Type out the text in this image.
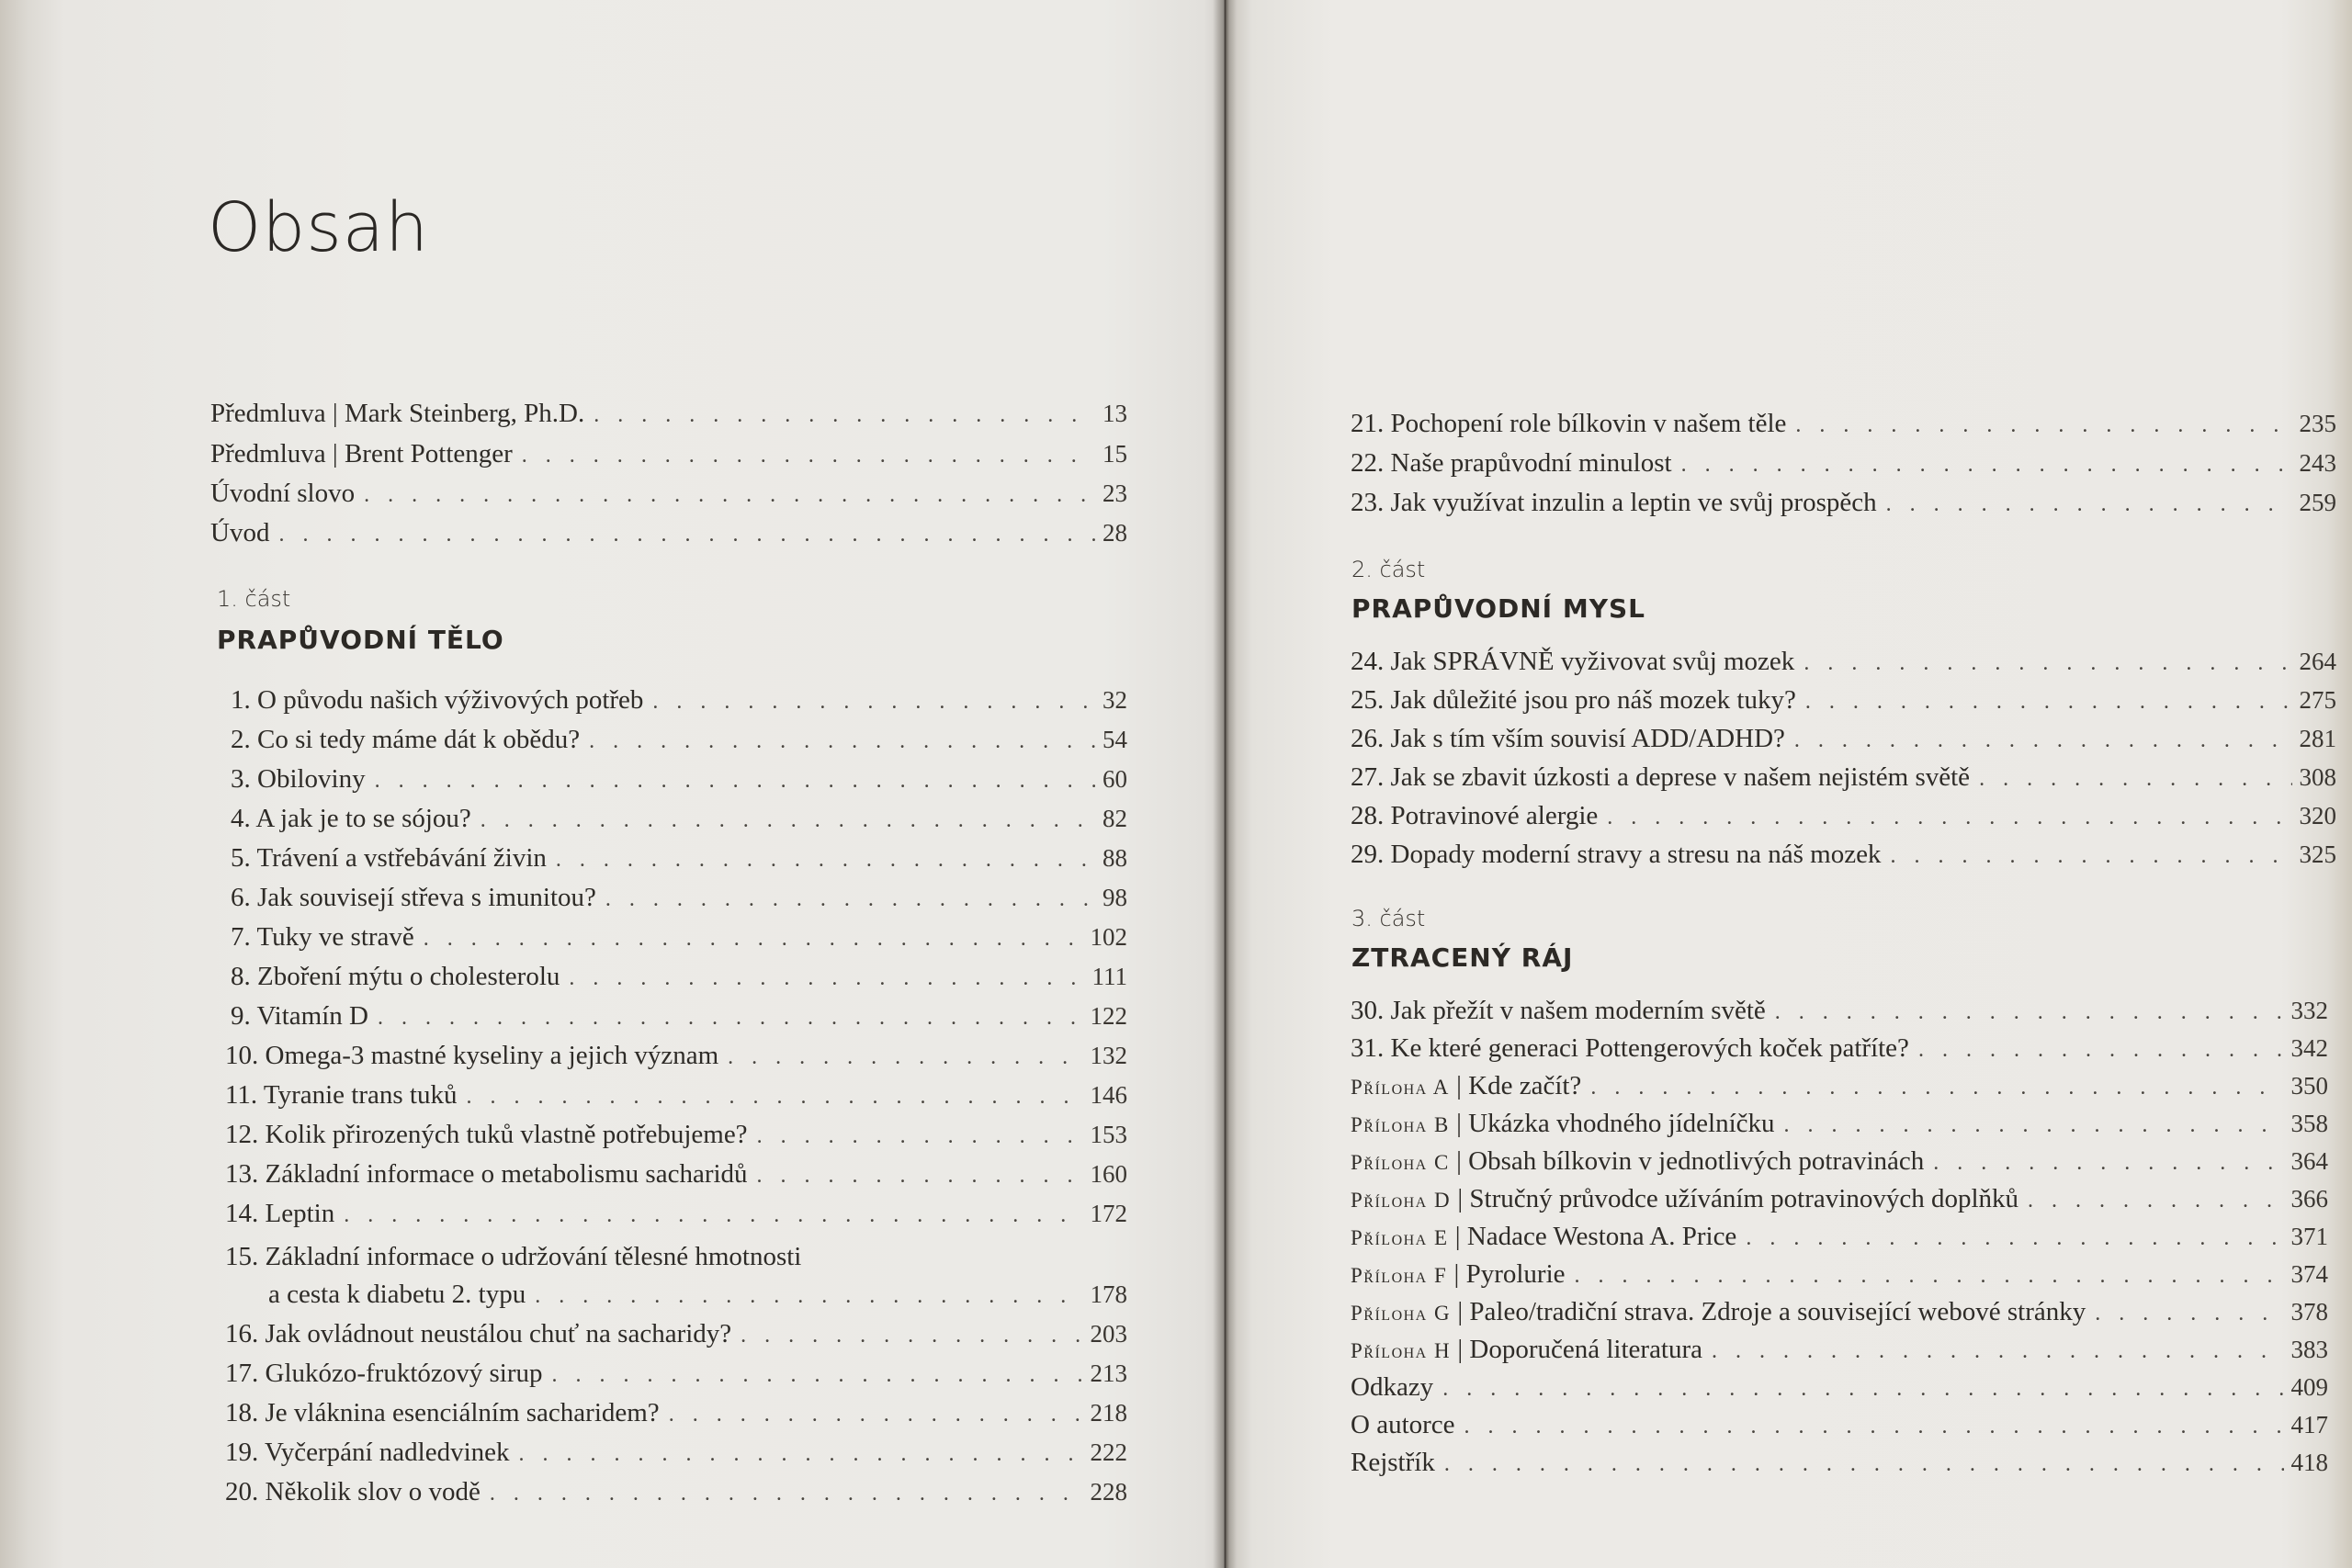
Obsah
Předmluva | Mark Steinberg, Ph.D. . . .	13
Předmluva | Brent Pottenger . . .	15
Úvodní slovo . . .	23
Úvod . . .	28
1. část
PRAPŮVODNÍ TĚLO
1. O původu našich výživových potřeb . . .	32
2. Co si tedy máme dát k obědu? . . .	54
3. Obiloviny . . .	60
4. A jak je to se sójou? . . .	82
5. Trávení a vstřebávání živin . . .	88
6. Jak souvisejí střeva s imunitou? . . .	98
7. Tuky ve stravě . . .	102
8. Zboření mýtu o cholesterolu . . .	111
9. Vitamín D . . .	122
10. Omega-3 mastné kyseliny a jejich význam . . .	132
11. Tyranie trans tuků . . .	146
12. Kolik přirozených tuků vlastně potřebujeme? . . .	153
13. Základní informace o metabolismu sacharidů . . .	160
14. Leptin . . .	172
15. Základní informace o udržování tělesné hmotnosti
a cesta k diabetu 2. typu . . .	178
16. Jak ovládnout neustálou chuť na sacharidy? . . .	203
17. Glukózo-fruktózový sirup . . .	213
18. Je vláknina esenciálním sacharidem? . . .	218
19. Vyčerpání nadledvinek . . .	222
20. Několik slov o vodě . . .	228
21. Pochopení role bílkovin v našem těle . . .	235
22. Naše prapůvodní minulost . . .	243
23. Jak využívat inzulin a leptin ve svůj prospěch . . .	259
2. část
PRAPŮVODNÍ MYSL
24. Jak SPRÁVNĚ vyživovat svůj mozek . . .	264
25. Jak důležité jsou pro náš mozek tuky? . . .	275
26. Jak s tím vším souvisí ADD/ADHD? . . .	281
27. Jak se zbavit úzkosti a deprese v našem nejistém světě . . .	308
28. Potravinové alergie . . .	320
29. Dopady moderní stravy a stresu na náš mozek . . .	325
3. část
ZTRACENÝ RÁJ
30. Jak přežít v našem moderním světě . . .	332
31. Ke které generaci Pottengerových koček patříte? . . .	342
Příloha A | Kde začít? . . .	350
Příloha B | Ukázka vhodného jídelníčku . . .	358
Příloha C | Obsah bílkovin v jednotlivých potravinách . . .	364
Příloha D | Stručný průvodce užíváním potravinových doplňků . . .	366
Příloha E | Nadace Westona A. Price . . .	371
Příloha F | Pyrolurie . . .	374
Příloha G | Paleo/tradiční strava. Zdroje a související webové stránky . . .	378
Příloha H | Doporučená literatura . . .	383
Odkazy . . .	409
O autorce . . .	417
Rejstřík . . .	418
